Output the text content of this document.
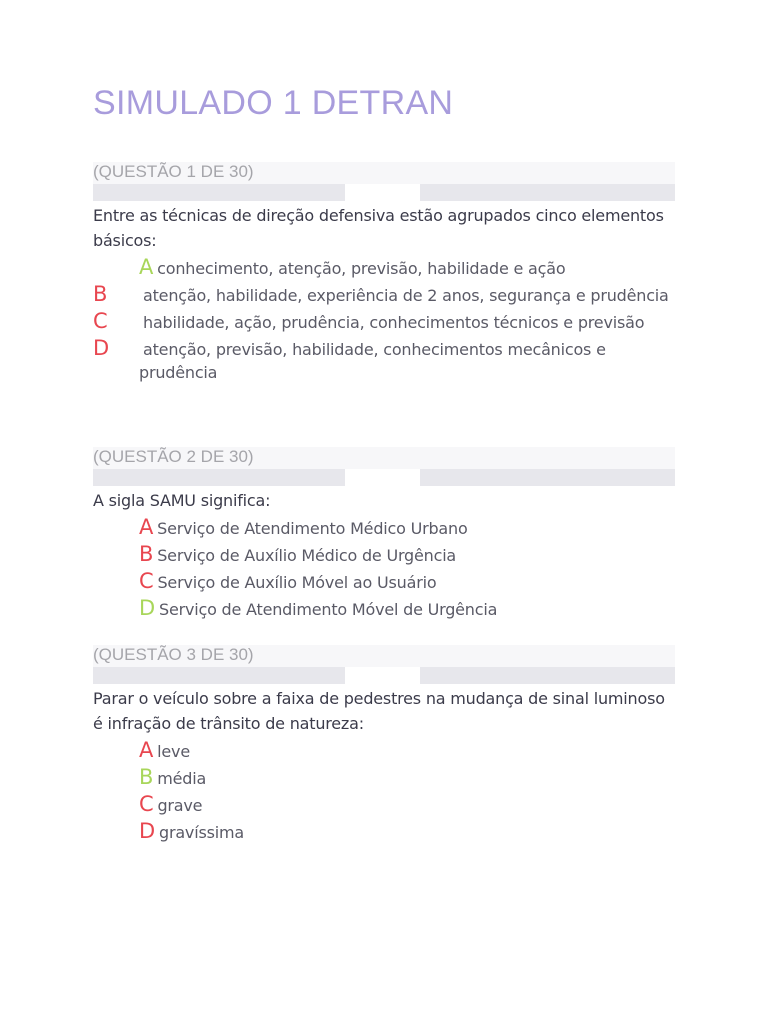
SIMULADO 1 DETRAN
(QUESTÃO 1 DE 30)

Entre as técnicas de direção defensiva estão agrupados cinco elementos básicos:

A conhecimento, atenção, previsão, habilidade e ação
B atenção, habilidade, experiência de 2 anos, segurança e prudência
C habilidade, ação, prudência, conhecimentos técnicos e previsão
D atenção, previsão, habilidade, conhecimentos mecânicos e prudência
(QUESTÃO 2 DE 30)

A sigla SAMU significa:

A Serviço de Atendimento Médico Urbano
B Serviço de Auxílio Médico de Urgência
C Serviço de Auxílio Móvel ao Usuário
D Serviço de Atendimento Móvel de Urgência
(QUESTÃO 3 DE 30)

Parar o veículo sobre a faixa de pedestres na mudança de sinal luminoso é infração de trânsito de natureza:

A leve
B média
C grave
D gravíssima
